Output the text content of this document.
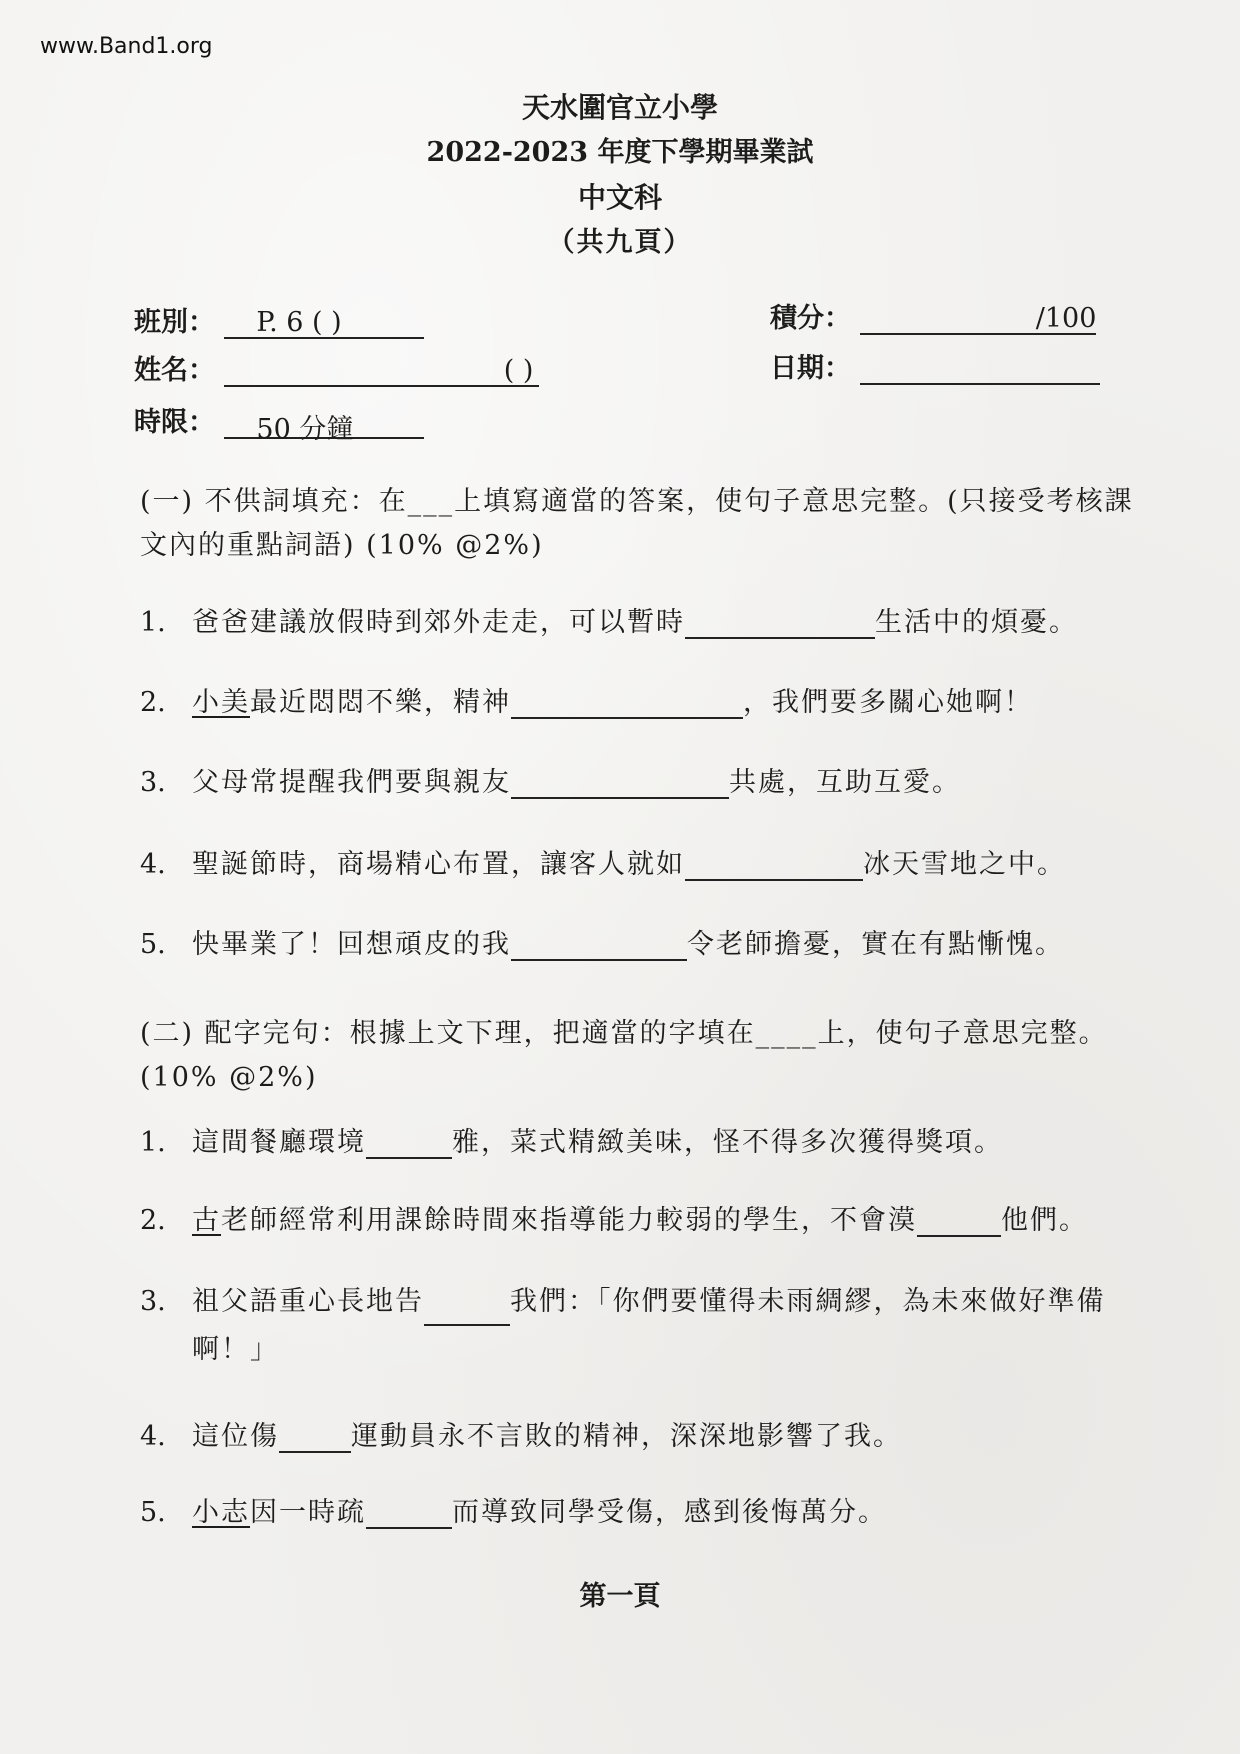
www.Band1.org
天水圍官立小學
2022-2023 年度下學期畢業試
中文科
（共九頁）
班別： P. 6 ( )
姓名：	( )
時限： 50 分鐘
積分：	/100
日期：
(一) 不供詞填充：在___上填寫適當的答案，使句子意思完整。(只接受考核課文內的重點詞語) (10% @2%)
1. 爸爸建議放假時到郊外走走，可以暫時	生活中的煩憂。
2. 小美最近悶悶不樂，精神	，我們要多關心她啊！
3. 父母常提醒我們要與親友	共處，互助互愛。
4. 聖誕節時，商場精心布置，讓客人就如	冰天雪地之中。
5. 快畢業了！回想頑皮的我	令老師擔憂，實在有點慚愧。
(二) 配字完句：根據上文下理，把適當的字填在____上，使句子意思完整。(10% @2%)
1. 這間餐廳環境	雅，菜式精緻美味，怪不得多次獲得獎項。
2. 古老師經常利用課餘時間來指導能力較弱的學生，不會漠	他們。
3. 祖父語重心長地告	我們：「你們要懂得未雨綢繆，為未來做好準備啊！」
4. 這位傷	運動員永不言敗的精神，深深地影響了我。
5. 小志因一時疏	而導致同學受傷，感到後悔萬分。
第一頁
